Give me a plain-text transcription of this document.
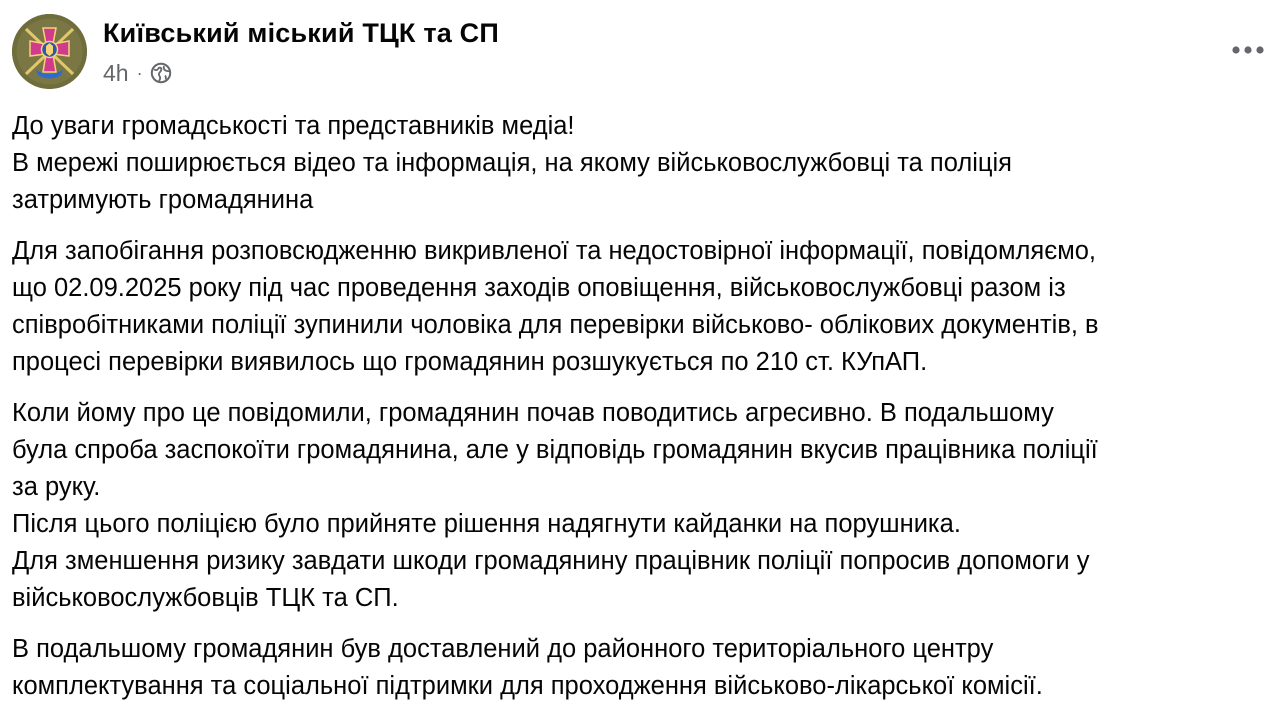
Київський міський ТЦК та СП
4h ·

До уваги громадськості та представників медіа!
В мережі поширюється відео та інформація, на якому військовослужбовці та поліція
затримують громадянина

Для запобігання розповсюдженню викривленої та недостовірної інформації, повідомляємо,
що 02.09.2025 року під час проведення заходів оповіщення, військовослужбовці разом із
співробітниками поліції зупинили чоловіка для перевірки військово- облікових документів, в
процесі перевірки виявилось що громадянин розшукується по 210 ст. КУпАП.

Коли йому про це повідомили, громадянин почав поводитись агресивно. В подальшому
була спроба заспокоїти громадянина, але у відповідь громадянин вкусив працівника поліції
за руку.
Після цього поліцією було прийняте рішення надягнути кайданки на порушника.
Для зменшення ризику завдати шкоди громадянину працівник поліції попросив допомоги у
військовослужбовців ТЦК та СП.

В подальшому громадянин був доставлений до районного територіального центру
комплектування та соціальної підтримки для проходження військово-лікарської комісії.
